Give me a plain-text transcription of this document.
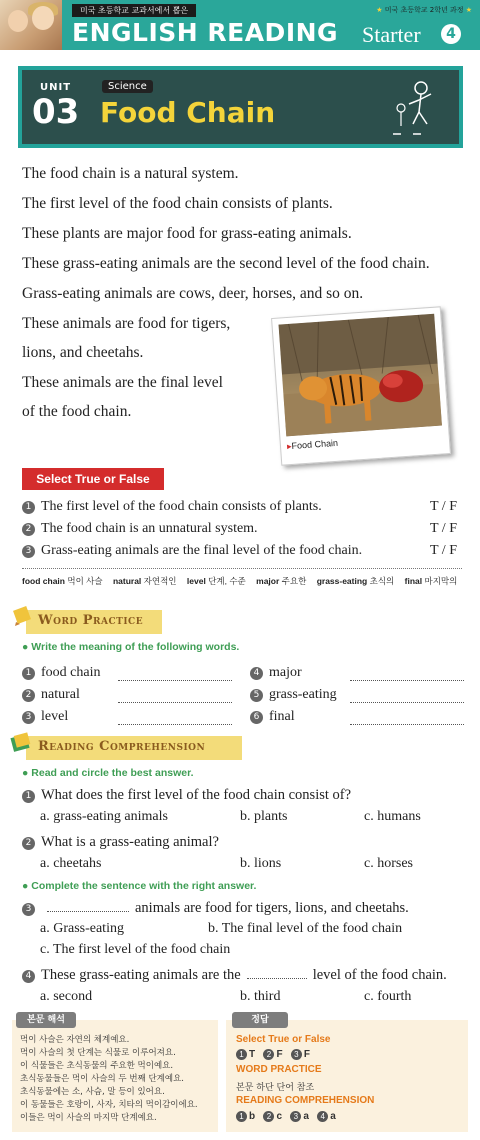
미국 초등학교 교과서에서 뽑은
ENGLISH READING
★ 미국 초등학교 2학년 과정 ★
Starter	4
UNIT
03
Science
Food Chain
The food chain is a natural system.
The first level of the food chain consists of plants.
These plants are major food for grass-eating animals.
These grass-eating animals are the second level of the food chain.
Grass-eating animals are cows, deer, horses, and so on.
These animals are food for tigers,
lions, and cheetahs.
These animals are the final level
of the food chain.
▸Food Chain
Select True or False
1 The first level of the food chain consists of plants.	T / F
2 The food chain is an unnatural system.	T / F
3 Grass-eating animals are the final level of the food chain.	T / F
food chain 먹이 사슬 natural 자연적인 level 단계, 수준 major 주요한 grass-eating 초식의 final 마지막의
Word Practice
● Write the meaning of the following words.
1 food chain
2 natural
3 level
4 major
5 grass-eating
6 final
Reading Comprehension
● Read and circle the best answer.
1 What does the first level of the food chain consist of?
a. grass-eating animals	b. plants	c. humans
2 What is a grass-eating animal?
a. cheetahs	b. lions	c. horses
● Complete the sentence with the right answer.
3	animals are food for tigers, lions, and cheetahs.
a. Grass-eating	b. The final level of the food chain
c. The first level of the food chain
4 These grass-eating animals are the	level of the food chain.
a. second	b. third	c. fourth
본문 해석
먹이 사슬은 자연의 체계예요.
먹이 사슬의 첫 단계는 식물로 이루어져요.
이 식물들은 초식동물의 주요한 먹이예요.
초식동물들은 먹이 사슬의 두 번째 단계예요.
초식동물에는 소, 사슴, 말 등이 있어요.
이 동물들은 호랑이, 사자, 치타의 먹이감이에요.
이들은 먹이 사슬의 마지막 단계예요.
정답
Select True or False
1 T 2 F 3 F
WORD PRACTICE
본문 하단 단어 참조
READING COMPREHENSION
1 b 2 c 3 a 4 a
